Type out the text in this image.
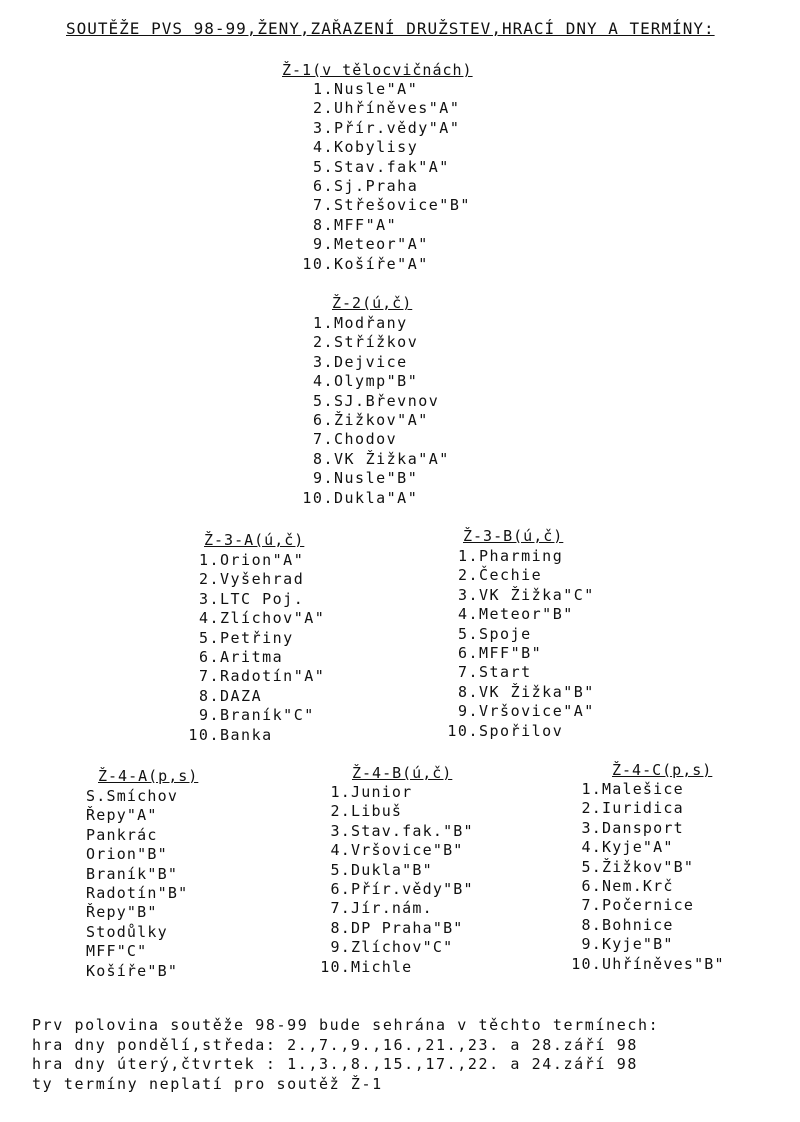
SOUTĚŽE PVS 98-99,ŽENY,ZAŘAZENÍ DRUŽSTEV,HRACÍ DNY A TERMÍNY:
Ž-1(v tělocvičnách)
1.Nusle"A"
2.Uhříněves"A"
3.Přír.vědy"A"
4.Kobylisy
5.Stav.fak"A"
6.Sj.Praha
7.Střešovice"B"
8.MFF"A"
9.Meteor"A"
10.Košíře"A"
Ž-2(ú,č)
1.Modřany
2.Střížkov
3.Dejvice
4.Olymp"B"
5.SJ.Břevnov
6.Žižkov"A"
7.Chodov
8.VK Žižka"A"
9.Nusle"B"
10.Dukla"A"
Ž-3-A(ú,č)
1.Orion"A"
2.Vyšehrad
3.LTC Poj.
4.Zlíchov"A"
5.Petřiny
6.Aritma
7.Radotín"A"
8.DAZA
9.Braník"C"
10.Banka
Ž-3-B(ú,č)
1.Pharming
2.Čechie
3.VK Žižka"C"
4.Meteor"B"
5.Spoje
6.MFF"B"
7.Start
8.VK Žižka"B"
9.Vršovice"A"
10.Spořilov
Ž-4-A(p,s)
S.Smíchov
Řepy"A"
Pankrác
Orion"B"
Braník"B"
Radotín"B"
Řepy"B"
Stodůlky
MFF"C"
Košíře"B"
Ž-4-B(ú,č)
1.Junior
2.Libuš
3.Stav.fak."B"
4.Vršovice"B"
5.Dukla"B"
6.Přír.vědy"B"
7.Jír.nám.
8.DP Praha"B"
9.Zlíchov"C"
10.Michle
Ž-4-C(p,s)
1.Malešice
2.Iuridica
3.Dansport
4.Kyje"A"
5.Žižkov"B"
6.Nem.Krč
7.Počernice
8.Bohnice
9.Kyje"B"
10.Uhříněves"B"
Prv polovina soutěže 98-99 bude sehrána v těchto termínech:
hra dny pondělí,středa: 2.,7.,9.,16.,21.,23. a 28.září 98
hra dny úterý,čtvrtek : 1.,3.,8.,15.,17.,22. a 24.září 98
ty termíny neplatí pro soutěž Ž-1
